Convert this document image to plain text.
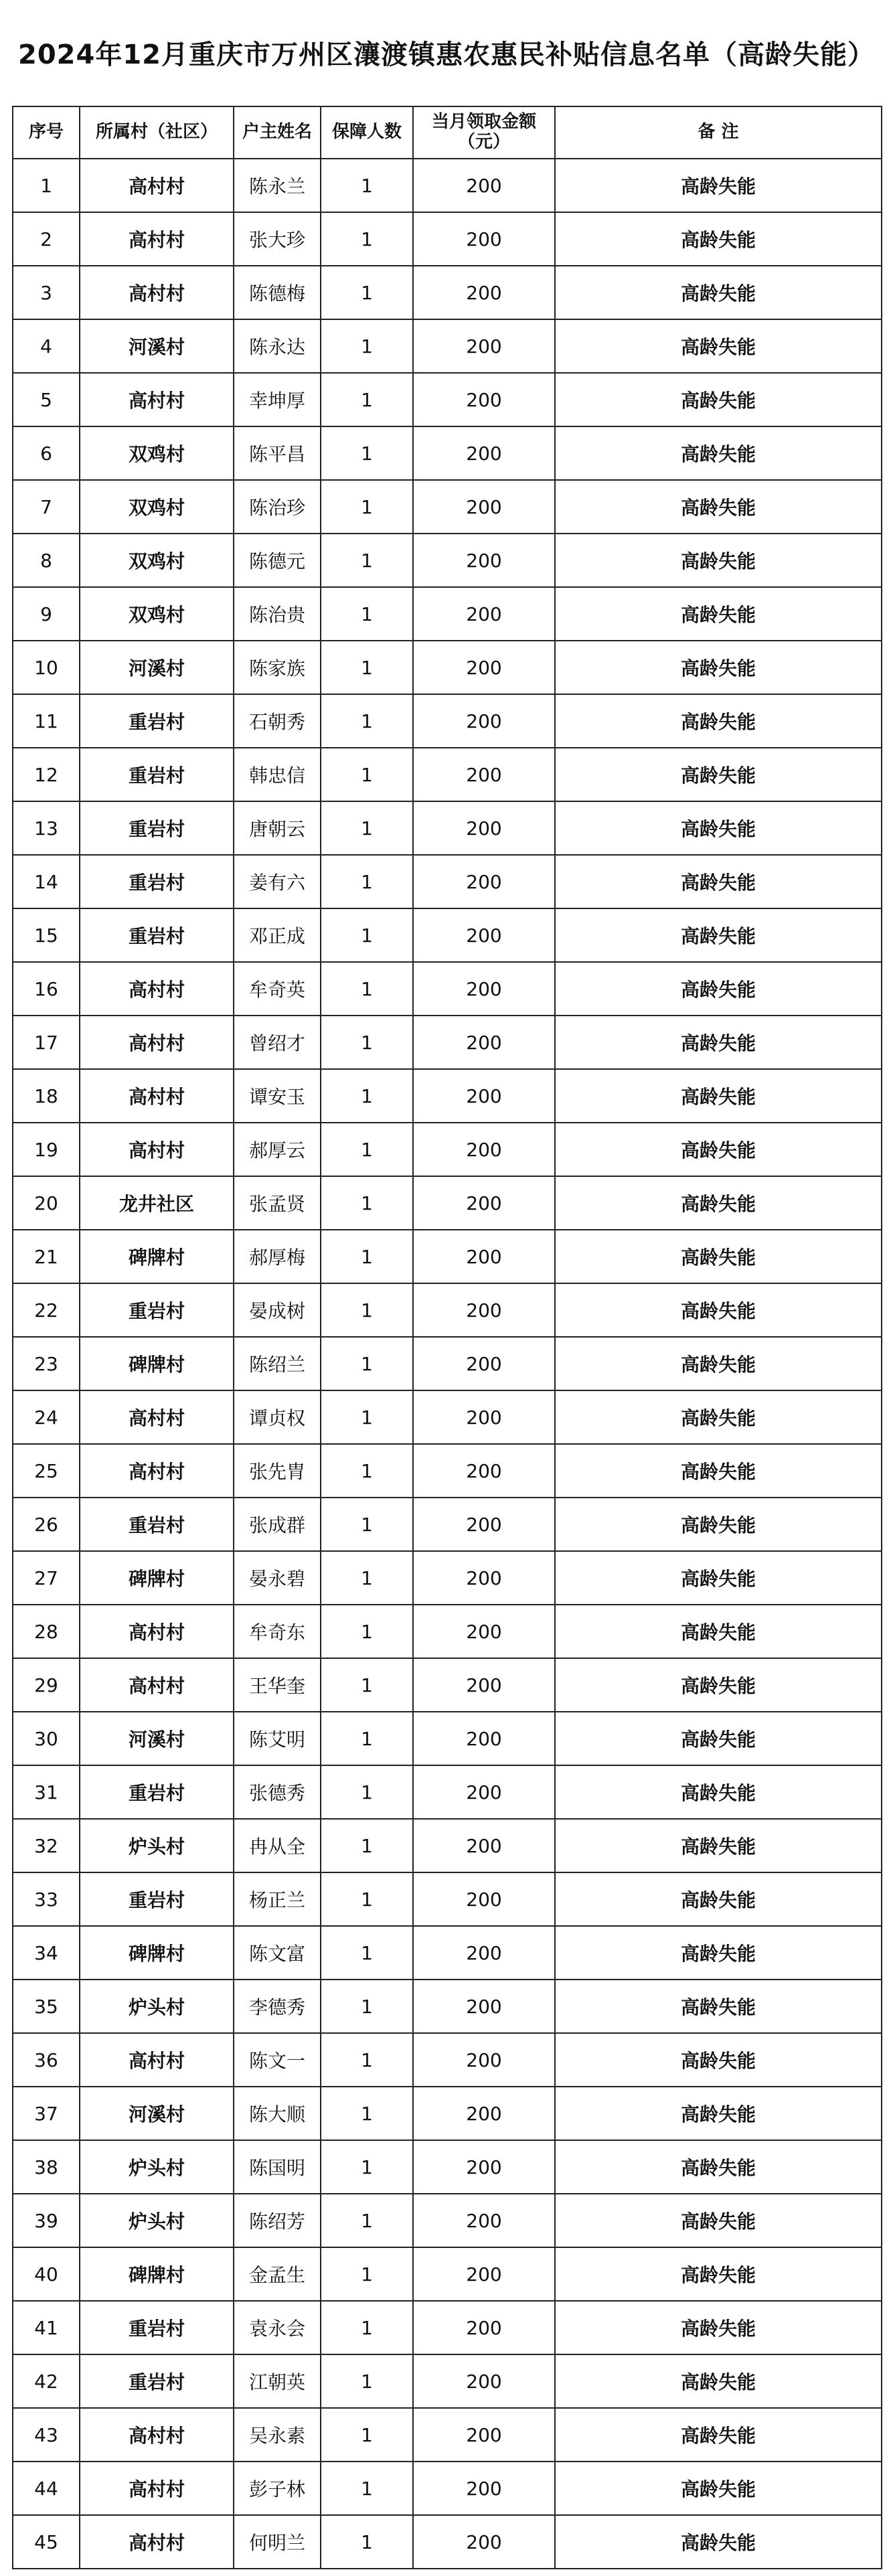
2024年12月重庆市万州区瀼渡镇惠农惠民补贴信息名单（高龄失能）
序号	所属村（社区）	户主姓名	保障人数	当月领取金额（元）	备 注
1	高村村	陈永兰	1	200	高龄失能
2	高村村	张大珍	1	200	高龄失能
3	高村村	陈德梅	1	200	高龄失能
4	河溪村	陈永达	1	200	高龄失能
5	高村村	幸坤厚	1	200	高龄失能
6	双鸡村	陈平昌	1	200	高龄失能
7	双鸡村	陈治珍	1	200	高龄失能
8	双鸡村	陈德元	1	200	高龄失能
9	双鸡村	陈治贵	1	200	高龄失能
10	河溪村	陈家族	1	200	高龄失能
11	重岩村	石朝秀	1	200	高龄失能
12	重岩村	韩忠信	1	200	高龄失能
13	重岩村	唐朝云	1	200	高龄失能
14	重岩村	姜有六	1	200	高龄失能
15	重岩村	邓正成	1	200	高龄失能
16	高村村	牟奇英	1	200	高龄失能
17	高村村	曾绍才	1	200	高龄失能
18	高村村	谭安玉	1	200	高龄失能
19	高村村	郝厚云	1	200	高龄失能
20	龙井社区	张孟贤	1	200	高龄失能
21	碑牌村	郝厚梅	1	200	高龄失能
22	重岩村	晏成树	1	200	高龄失能
23	碑牌村	陈绍兰	1	200	高龄失能
24	高村村	谭贞权	1	200	高龄失能
25	高村村	张先胄	1	200	高龄失能
26	重岩村	张成群	1	200	高龄失能
27	碑牌村	晏永碧	1	200	高龄失能
28	高村村	牟奇东	1	200	高龄失能
29	高村村	王华奎	1	200	高龄失能
30	河溪村	陈艾明	1	200	高龄失能
31	重岩村	张德秀	1	200	高龄失能
32	炉头村	冉从全	1	200	高龄失能
33	重岩村	杨正兰	1	200	高龄失能
34	碑牌村	陈文富	1	200	高龄失能
35	炉头村	李德秀	1	200	高龄失能
36	高村村	陈文一	1	200	高龄失能
37	河溪村	陈大顺	1	200	高龄失能
38	炉头村	陈国明	1	200	高龄失能
39	炉头村	陈绍芳	1	200	高龄失能
40	碑牌村	金孟生	1	200	高龄失能
41	重岩村	袁永会	1	200	高龄失能
42	重岩村	江朝英	1	200	高龄失能
43	高村村	吴永素	1	200	高龄失能
44	高村村	彭子林	1	200	高龄失能
45	高村村	何明兰	1	200	高龄失能
